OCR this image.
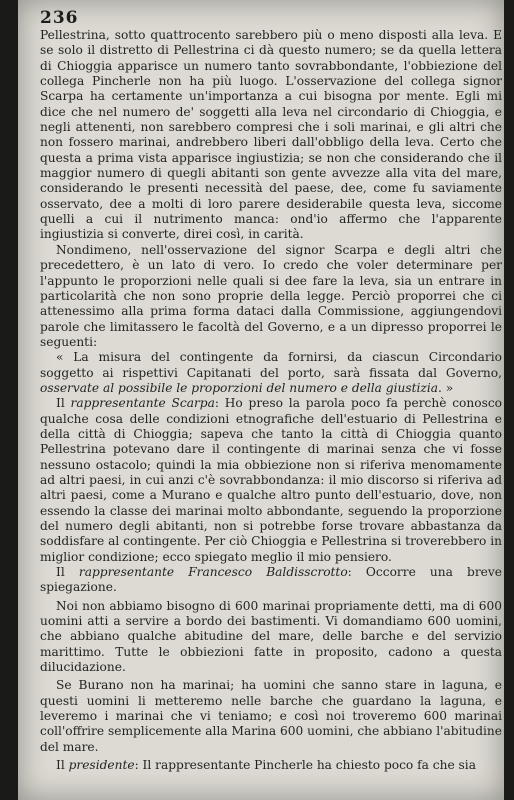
236

Pellestrina, sotto quattrocento sarebbero più o meno disposti alla leva. E se solo il distretto di Pellestrina ci dà questo numero; se da quella lettera di Chioggia apparisce un numero tanto sovrabbondante, l'obbiezione del collega Pincherle non ha più luogo. L'osservazione del collega signor Scarpa ha certamente un'importanza a cui bisogna por mente. Egli mi dice che nel numero de' soggetti alla leva nel circondario di Chioggia, e negli attenenti, non sarebbero compresi che i soli marinai, e gli altri che non fossero marinai, andrebbero liberi dall'obbligo della leva. Certo che questa a prima vista apparisce ingiustizia; se non che considerando che il maggior numero di quegli abitanti son gente avvezze alla vita del mare, considerando le presenti necessità del paese, dee, come fu saviamente osservato, dee a molti di loro parere desiderabile questa leva, siccome quelli a cui il nutrimento manca: ond'io affermo che l'apparente ingiustizia si converte, direi così, in carità.

Nondimeno, nell'osservazione del signor Scarpa e degli altri che precedettero, è un lato di vero. Io credo che voler determinare per l'appunto le proporzioni nelle quali si dee fare la leva, sia un entrare in particolarità che non sono proprie della legge. Perciò proporrei che ci attenessimo alla prima forma dataci dalla Commissione, aggiungendovi parole che limitassero le facoltà del Governo, e a un dipresso proporrei le seguenti:

« La misura del contingente da fornirsi, da ciascun Circondario soggetto ai rispettivi Capitanati del porto, sarà fissata dal Governo, osservate al possibile le proporzioni del numero e della giustizia. »

Il rappresentante Scarpa: Ho preso la parola poco fa perchè conosco qualche cosa delle condizioni etnografiche dell'estuario di Pellestrina e della città di Chioggia; sapeva che tanto la città di Chioggia quanto Pellestrina potevano dare il contingente di marinai senza che vi fosse nessuno ostacolo; quindi la mia obbiezione non si riferiva menomamente ad altri paesi, in cui anzi c'è sovrabbondanza: il mio discorso si riferiva ad altri paesi, come a Murano e qualche altro punto dell'estuario, dove, non essendo la classe dei marinai molto abbondante, seguendo la proporzione del numero degli abitanti, non si potrebbe forse trovare abbastanza da soddisfare al contingente. Per ciò Chioggia e Pellestrina si troverebbero in miglior condizione; ecco spiegato meglio il mio pensiero.

Il rappresentante Francesco Baldisscrotto: Occorre una breve spiegazione.

Noi non abbiamo bisogno di 600 marinai propriamente detti, ma di 600 uomini atti a servire a bordo dei bastimenti. Vi domandiamo 600 uomini, che abbiano qualche abitudine del mare, delle barche e del servizio marittimo. Tutte le obbiezioni fatte in proposito, cadono a questa dilucidazione.

Se Burano non ha marinai; ha uomini che sanno stare in laguna, e questi uomini li metteremo nelle barche che guardano la laguna, e leveremo i marinai che vi teniamo; e così noi troveremo 600 marinai coll'offrire semplicemente alla Marina 600 uomini, che abbiano l'abitudine del mare.

Il presidente: Il rappresentante Pincherle ha chiesto poco fa che sia
